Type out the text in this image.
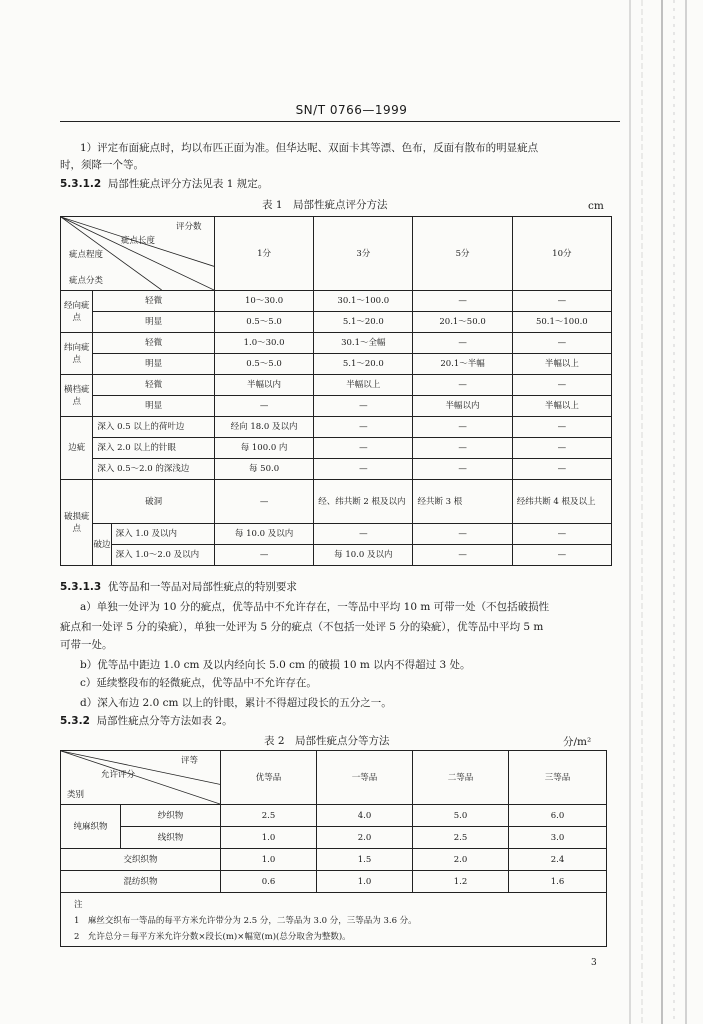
SN/T 0766—1999
1）评定布面疵点时，均以布匹正面为准。但华达呢、双面卡其等漂、色布，反面有散布的明显疵点
时，须降一个等。
5.3.1.2 局部性疵点评分方法见表 1 规定。
表 1　局部性疵点评分方法	cm
评分数
疵点长度
疵点程度
疵点分类			1分	3分	5分	10分
经向疵点	轻微		10～30.0	30.1～100.0	—	—
	明显		0.5～5.0	5.1～20.0	20.1～50.0	50.1～100.0
纬向疵点	轻微		1.0～30.0	30.1～全幅	—	—
	明显		0.5～5.0	5.1～20.0	20.1～半幅	半幅以上
横档疵点	轻微		半幅以内	半幅以上	—	—
	明显		—	—	半幅以内	半幅以上
边疵	深入 0.5 以上的荷叶边		经向 18.0 及以内	—	—	—
	深入 2.0 以上的针眼		每 100.0 内	—	—	—
	深入 0.5～2.0 的深浅边		每 50.0	—	—	—
破损疵点	破洞		—	经、纬共断 2 根及以内	经共断 3 根	经纬共断 4 根及以上
	破边	深入 1.0 及以内	每 10.0 及以内	—	—	—
		深入 1.0～2.0 及以内	—	每 10.0 及以内	—	—
5.3.1.3 优等品和一等品对局部性疵点的特别要求
a）单独一处评为 10 分的疵点，优等品中不允许存在，一等品中平均 10 m 可带一处（不包括破损性
疵点和一处评 5 分的染疵），单独一处评为 5 分的疵点（不包括一处评 5 分的染疵），优等品中平均 5 m
可带一处。
b）优等品中距边 1.0 cm 及以内经向长 5.0 cm 的破损 10 m 以内不得超过 3 处。
c）延续整段布的轻微疵点，优等品中不允许存在。
d）深入布边 2.0 cm 以上的针眼，累计不得超过段长的五分之一。
5.3.2 局部性疵点分等方法如表 2。
表 2　局部性疵点分等方法	分/m²
评等
允许评分
类别		优等品	一等品	二等品	三等品
纯麻织物	纱织物	2.5	4.0	5.0	6.0
	线织物	1.0	2.0	2.5	3.0
交织织物		1.0	1.5	2.0	2.4
混纺织物		0.6	1.0	1.2	1.6

注
1　麻丝交织布一等品的每平方米允许带分为 2.5 分，二等品为 3.0 分，三等品为 3.6 分。
2　允许总分＝每平方米允许分数×段长(m)×幅宽(m)(总分取舍为整数)。
3
